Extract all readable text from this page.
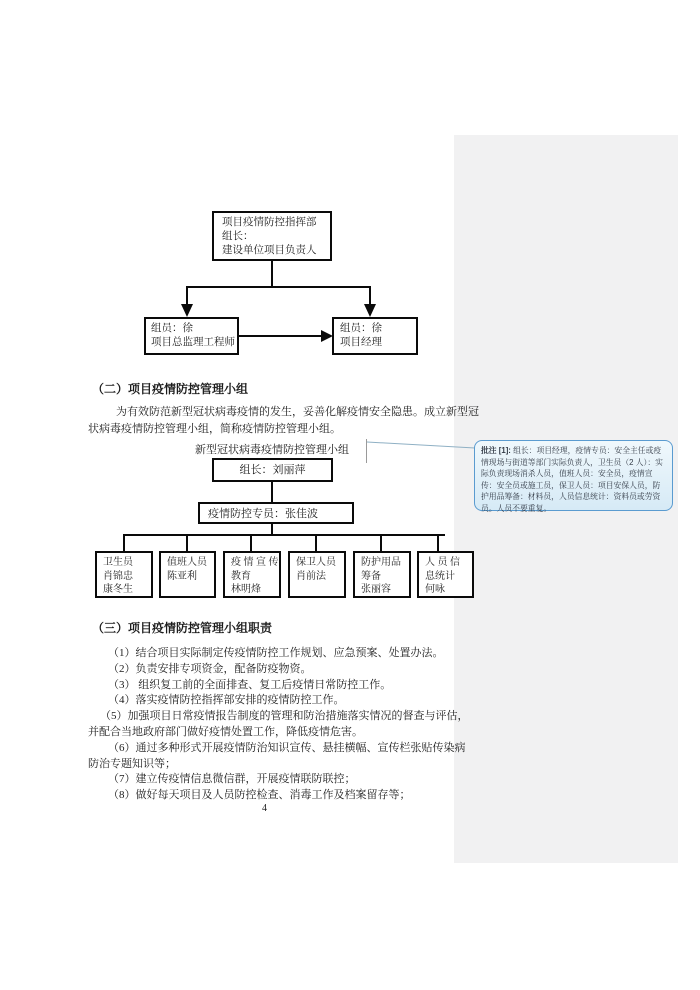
项目疫情防控指挥部
组长：
建设单位项目负责人
组员：徐
项目总监理工程师
组员：徐
项目经理
（二）项目疫情防控管理小组
为有效防范新型冠状病毒疫情的发生，妥善化解疫情安全隐患。成立新型冠
状病毒疫情防控管理小组，简称疫情防控管理小组。
新型冠状病毒疫情防控管理小组
组长：刘丽萍
疫情防控专员：张佳波
卫生员
肖锦忠
康冬生
值班人员
陈亚利
疫 情 宣 传
教育
林明烽
保卫人员
肖前法
防护用品
筹备
张丽容
人 员 信
息统计
何咏
（三）项目疫情防控管理小组职责
（1）结合项目实际制定传疫情防控工作规划、应急预案、处置办法。
（2）负责安排专项资金，配备防疫物资。
（3） 组织复工前的全面排查、复工后疫情日常防控工作。
（4）落实疫情防控指挥部安排的疫情防控工作。
（5）加强项目日常疫情报告制度的管理和防治措施落实情况的督查与评估，
并配合当地政府部门做好疫情处置工作，降低疫情危害。
（6）通过多种形式开展疫情防治知识宣传、悬挂横幅、宣传栏张贴传染病
防治专题知识等；
（7）建立传疫情信息微信群，开展疫情联防联控；
（8）做好每天项目及人员防控检查、消毒工作及档案留存等；
批注 [1]: 组长：项目经理，疫情专员：安全主任或疫情现场与街道等部门实际负责人，卫生员（2 人）：实际负责现场消杀人员，值班人员：安全员，疫情宣传：安全员或施工员，保卫人员：项目安保人员，防护用品筹备：材料员，人员信息统计：资料员或劳资员。人员不要重复。
4
